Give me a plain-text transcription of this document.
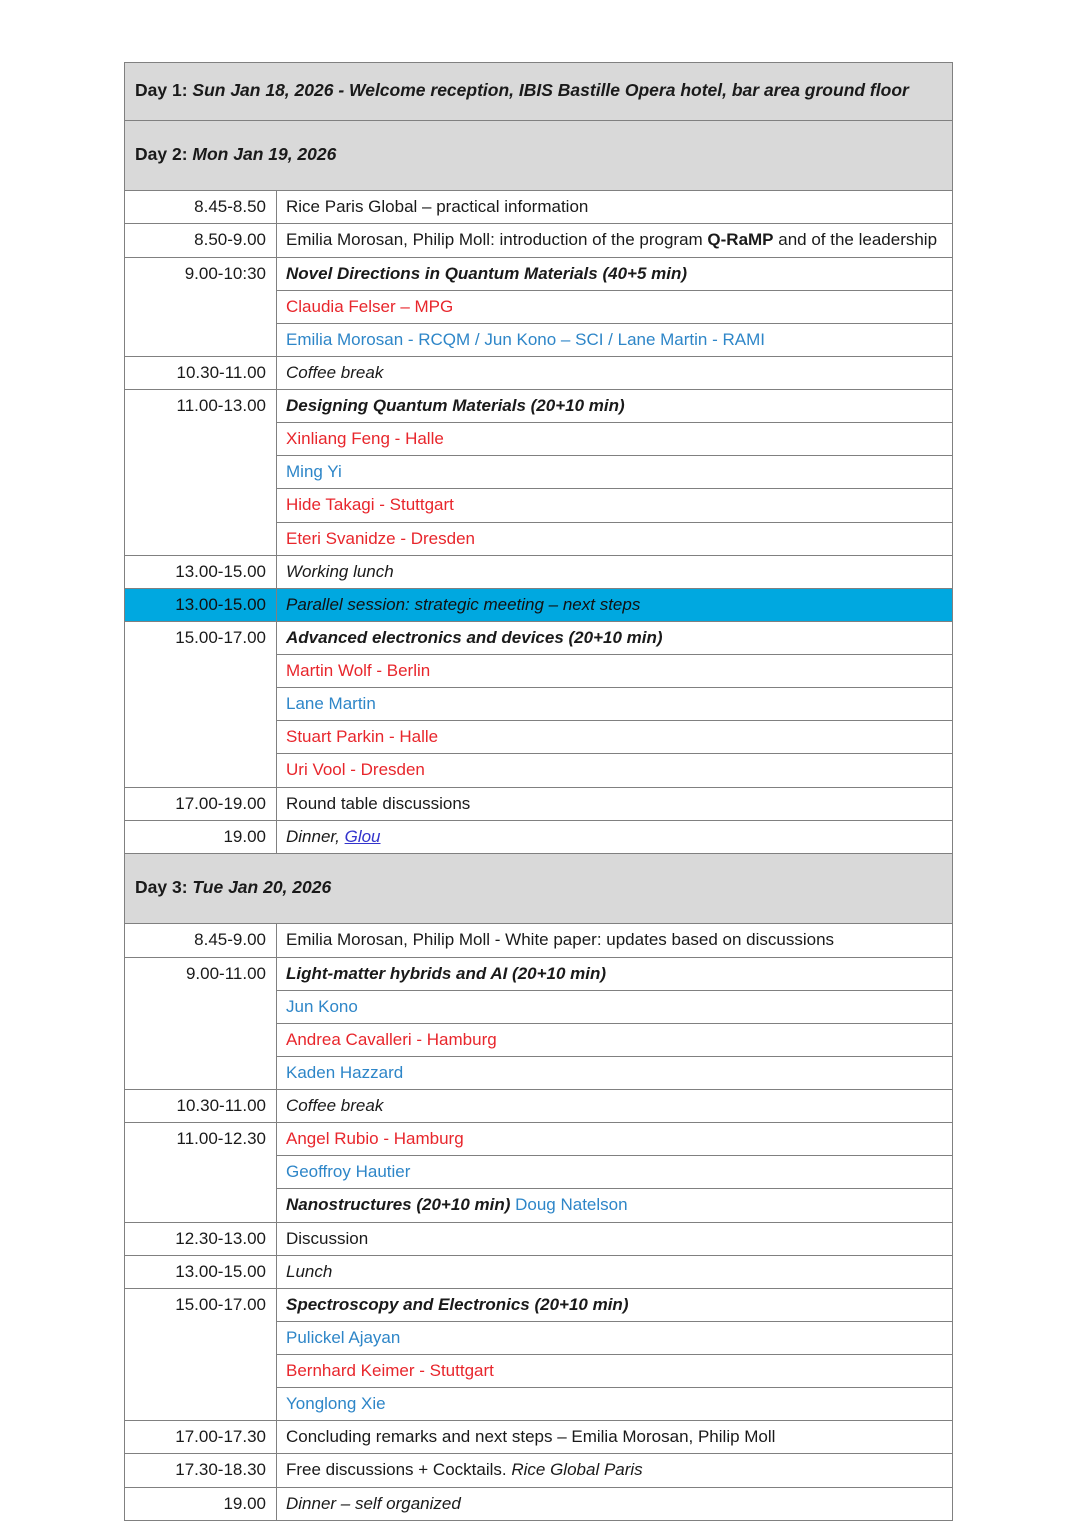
Day 1: Sun Jan 18, 2026 - Welcome reception, IBIS Bastille Opera hotel, bar area ground floor	

Day 2: Mon Jan 19, 2026	

8.45-8.50	Rice Paris Global – practical information

8.50-9.00	Emilia Morosan, Philip Moll: introduction of the program Q-RaMP and of the leadership

9.00-10:30	Novel Directions in Quantum Materials (40+5 min)
Claudia Felser – MPG
Emilia Morosan - RCQM / Jun Kono – SCI / Lane Martin - RAMI

10.30-11.00	Coffee break

11.00-13.00	Designing Quantum Materials (20+10 min)
Xinliang Feng - Halle
Ming Yi
Hide Takagi - Stuttgart
Eteri Svanidze - Dresden

13.00-15.00	Working lunch

13.00-15.00	Parallel session: strategic meeting – next steps

15.00-17.00	Advanced electronics and devices (20+10 min)
Martin Wolf - Berlin
Lane Martin
Stuart Parkin - Halle
Uri Vool - Dresden

17.00-19.00	Round table discussions

19.00	Dinner, Glou

Day 3: Tue Jan 20, 2026	

8.45-9.00	Emilia Morosan, Philip Moll - White paper: updates based on discussions

9.00-11.00	Light-matter hybrids and AI (20+10 min)
Jun Kono
Andrea Cavalleri - Hamburg
Kaden Hazzard

10.30-11.00	Coffee break

11.00-12.30	Angel Rubio - Hamburg
Geoffroy Hautier
Nanostructures (20+10 min) Doug Natelson

12.30-13.00	Discussion

13.00-15.00	Lunch

15.00-17.00	Spectroscopy and Electronics (20+10 min)
Pulickel Ajayan
Bernhard Keimer - Stuttgart
Yonglong Xie

17.00-17.30	Concluding remarks and next steps – Emilia Morosan, Philip Moll

17.30-18.30	Free discussions + Cocktails. Rice Global Paris

19.00	Dinner – self organized
